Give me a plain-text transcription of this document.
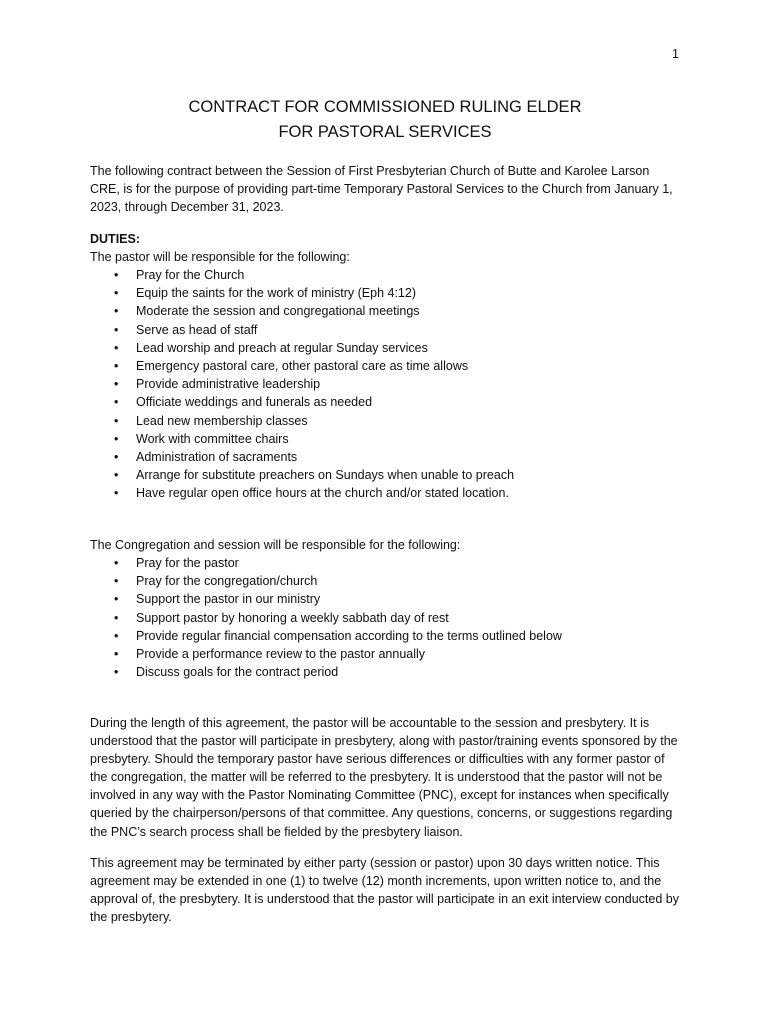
1
CONTRACT FOR COMMISSIONED RULING ELDER
FOR PASTORAL SERVICES

The following contract between the Session of First Presbyterian Church of Butte and Karolee Larson CRE, is for the purpose of providing part-time Temporary Pastoral Services to the Church from January 1, 2023, through December 31, 2023.

DUTIES:
The pastor will be responsible for the following:
• Pray for the Church
• Equip the saints for the work of ministry (Eph 4:12)
• Moderate the session and congregational meetings
• Serve as head of staff
• Lead worship and preach at regular Sunday services
• Emergency pastoral care, other pastoral care as time allows
• Provide administrative leadership
• Officiate weddings and funerals as needed
• Lead new membership classes
• Work with committee chairs
• Administration of sacraments
• Arrange for substitute preachers on Sundays when unable to preach
• Have regular open office hours at the church and/or stated location.
The Congregation and session will be responsible for the following:
• Pray for the pastor
• Pray for the congregation/church
• Support the pastor in our ministry
• Support pastor by honoring a weekly sabbath day of rest
• Provide regular financial compensation according to the terms outlined below
• Provide a performance review to the pastor annually
• Discuss goals for the contract period

During the length of this agreement, the pastor will be accountable to the session and presbytery. It is understood that the pastor will participate in presbytery, along with pastor/training events sponsored by the presbytery. Should the temporary pastor have serious differences or difficulties with any former pastor of the congregation, the matter will be referred to the presbytery. It is understood that the pastor will not be involved in any way with the Pastor Nominating Committee (PNC), except for instances when specifically queried by the chairperson/persons of that committee. Any questions, concerns, or suggestions regarding the PNC’s search process shall be fielded by the presbytery liaison.

This agreement may be terminated by either party (session or pastor) upon 30 days written notice. This agreement may be extended in one (1) to twelve (12) month increments, upon written notice to, and the approval of, the presbytery. It is understood that the pastor will participate in an exit interview conducted by the presbytery.
